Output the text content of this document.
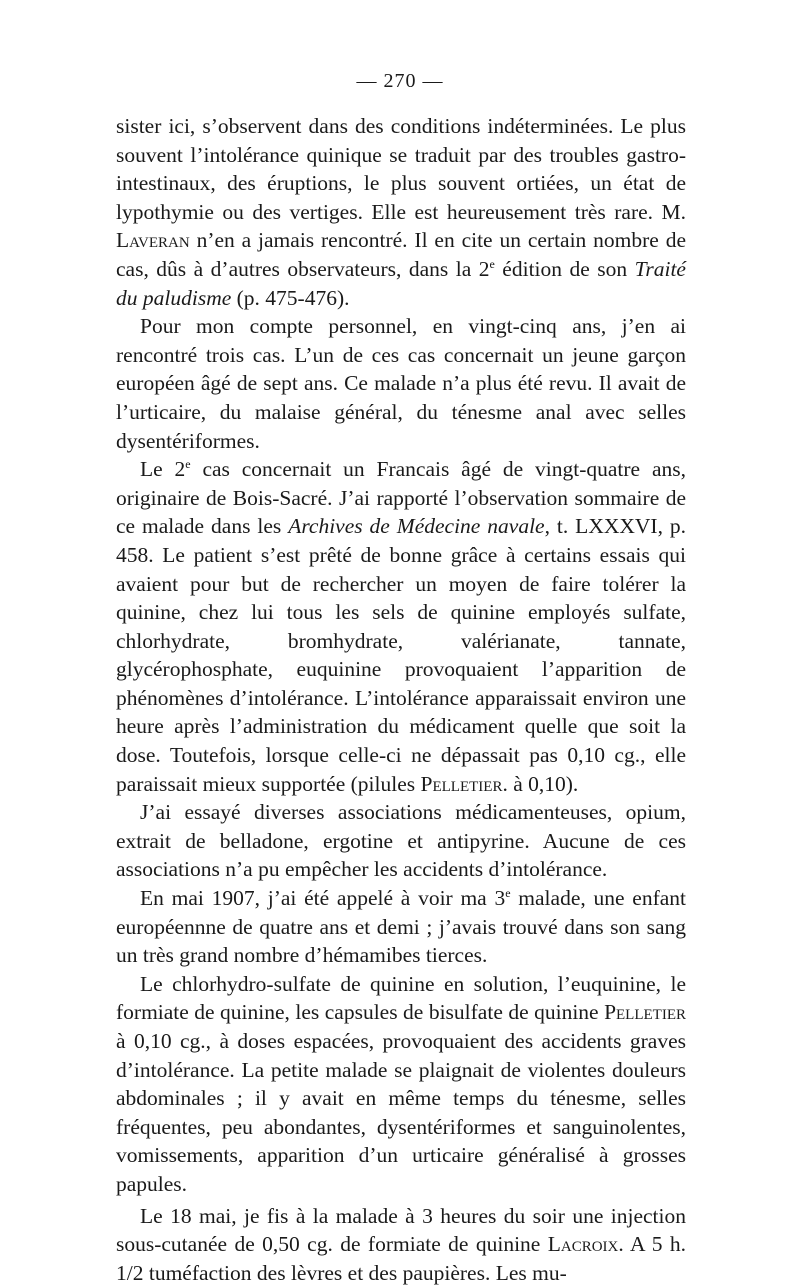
— 270 —

sister ici, s’observent dans des conditions indéterminées. Le plus souvent l’intolérance quinique se traduit par des troubles gastro-intestinaux, des éruptions, le plus souvent ortiées, un état de lypothymie ou des vertiges. Elle est heureusement très rare. M. Laveran n’en a jamais rencontré. Il en cite un certain nombre de cas, dûs à d’autres observateurs, dans la 2e édition de son Traité du paludisme (p. 475-476).

Pour mon compte personnel, en vingt-cinq ans, j’en ai rencontré trois cas. L’un de ces cas concernait un jeune garçon européen âgé de sept ans. Ce malade n’a plus été revu. Il avait de l’urticaire, du malaise général, du ténesme anal avec selles dysentériformes.

Le 2e cas concernait un Francais âgé de vingt-quatre ans, originaire de Bois-Sacré. J’ai rapporté l’observation sommaire de ce malade dans les Archives de Médecine navale, t. LXXXVI, p. 458. Le patient s’est prêté de bonne grâce à certains essais qui avaient pour but de rechercher un moyen de faire tolérer la quinine, chez lui tous les sels de quinine employés sulfate, chlorhydrate, bromhydrate, valérianate, tannate, glycérophosphate, euquinine provoquaient l’apparition de phénomènes d’intolérance. L’intolérance apparaissait environ une heure après l’administration du médicament quelle que soit la dose. Toutefois, lorsque celle-ci ne dépassait pas 0,10 cg., elle paraissait mieux supportée (pilules Pelletier. à 0,10).

J’ai essayé diverses associations médicamenteuses, opium, extrait de belladone, ergotine et antipyrine. Aucune de ces associations n’a pu empêcher les accidents d’intolérance.

En mai 1907, j’ai été appelé à voir ma 3e malade, une enfant européennne de quatre ans et demi ; j’avais trouvé dans son sang un très grand nombre d’hémamibes tierces.

Le chlorhydro-sulfate de quinine en solution, l’euquinine, le formiate de quinine, les capsules de bisulfate de quinine Pelletier à 0,10 cg., à doses espacées, provoquaient des accidents graves d’intolérance. La petite malade se plaignait de violentes douleurs abdominales ; il y avait en même temps du ténesme, selles fréquentes, peu abondantes, dysentériformes et sanguinolentes, vomissements, apparition d’un urticaire généralisé à grosses papules.

Le 18 mai, je fis à la malade à 3 heures du soir une injection sous-cutanée de 0,50 cg. de formiate de quinine Lacroix. A 5 h. 1/2 tuméfaction des lèvres et des paupières. Les mu-
